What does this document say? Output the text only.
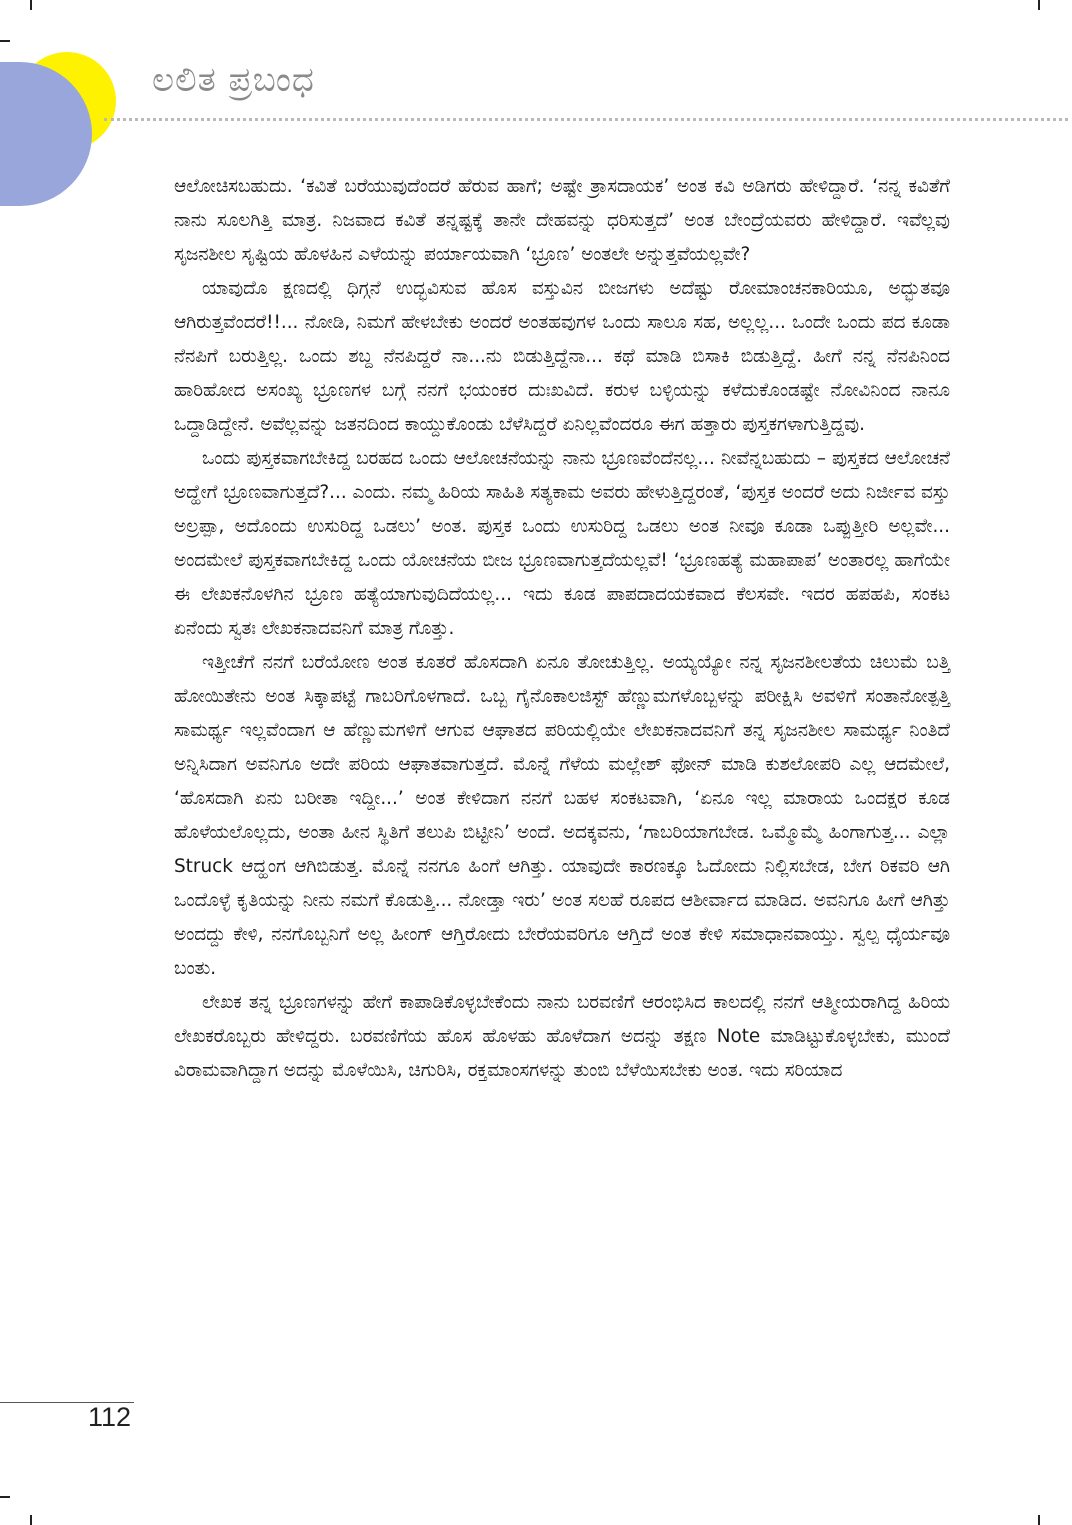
ಲಲಿತ ಪ್ರಬಂಧ

ಆಲೋಚಿಸಬಹುದು. ‘ಕವಿತೆ ಬರೆಯುವುದೆಂದರೆ ಹೆರುವ ಹಾಗೆ; ಅಷ್ಟೇ ತ್ರಾಸದಾಯಕ’ ಅಂತ ಕವಿ ಅಡಿಗರು ಹೇಳಿದ್ದಾರೆ. ‘ನನ್ನ ಕವಿತೆಗೆ ನಾನು ಸೂಲಗಿತ್ತಿ ಮಾತ್ರ. ನಿಜವಾದ ಕವಿತೆ ತನ್ನಷ್ಟಕ್ಕೆ ತಾನೇ ದೇಹವನ್ನು ಧರಿಸುತ್ತದೆ’ ಅಂತ ಬೇಂದ್ರೆಯವರು ಹೇಳಿದ್ದಾರೆ. ಇವೆಲ್ಲವು ಸೃಜನಶೀಲ ಸೃಷ್ಟಿಯ ಹೊಳಹಿನ ಎಳೆಯನ್ನು ಪರ್ಯಾಯವಾಗಿ ‘ಭ್ರೂಣ’ ಅಂತಲೇ ಅನ್ನುತ್ತವೆಯಲ್ಲವೇ?

ಯಾವುದೊ ಕ್ಷಣದಲ್ಲಿ ಧಿಗ್ಗನೆ ಉದ್ಭವಿಸುವ ಹೊಸ ವಸ್ತುವಿನ ಬೀಜಗಳು ಅದೆಷ್ಟು ರೋಮಾಂಚನಕಾರಿಯೂ, ಅದ್ಭುತವೂ ಆಗಿರುತ್ತವೆಂದರೆ!!... ನೋಡಿ, ನಿಮಗೆ ಹೇಳಬೇಕು ಅಂದರೆ ಅಂತಹವುಗಳ ಒಂದು ಸಾಲೂ ಸಹ, ಅಲ್ಲಲ್ಲ... ಒಂದೇ ಒಂದು ಪದ ಕೂಡಾ ನೆನಪಿಗೆ ಬರುತ್ತಿಲ್ಲ. ಒಂದು ಶಬ್ದ ನೆನಪಿದ್ದರೆ ನಾ...ನು ಬಿಡುತ್ತಿದ್ದೆನಾ... ಕಥೆ ಮಾಡಿ ಬಿಸಾಕಿ ಬಿಡುತ್ತಿದ್ದೆ. ಹೀಗೆ ನನ್ನ ನೆನಪಿನಿಂದ ಹಾರಿಹೋದ ಅಸಂಖ್ಯ ಭ್ರೂಣಗಳ ಬಗ್ಗೆ ನನಗೆ ಭಯಂಕರ ದುಃಖವಿದೆ. ಕರುಳ ಬಳ್ಳಿಯನ್ನು ಕಳೆದುಕೊಂಡಷ್ಟೇ ನೋವಿನಿಂದ ನಾನೂ ಒದ್ದಾಡಿದ್ದೇನೆ. ಅವೆಲ್ಲವನ್ನು ಜತನದಿಂದ ಕಾಯ್ದುಕೊಂಡು ಬೆಳೆಸಿದ್ದರೆ ಏನಿಲ್ಲವೆಂದರೂ ಈಗ ಹತ್ತಾರು ಪುಸ್ತಕಗಳಾಗುತ್ತಿದ್ದವು.

ಒಂದು ಪುಸ್ತಕವಾಗಬೇಕಿದ್ದ ಬರಹದ ಒಂದು ಆಲೋಚನೆಯನ್ನು ನಾನು ಭ್ರೂಣವೆಂದೆನಲ್ಲ... ನೀವೆನ್ನಬಹುದು – ಪುಸ್ತಕದ ಆಲೋಚನೆ ಅದ್ಹೇಗೆ ಭ್ರೂಣವಾಗುತ್ತದೆ?... ಎಂದು. ನಮ್ಮ ಹಿರಿಯ ಸಾಹಿತಿ ಸತ್ಯಕಾಮ ಅವರು ಹೇಳುತ್ತಿದ್ದರಂತೆ, ‘ಪುಸ್ತಕ ಅಂದರೆ ಅದು ನಿರ್ಜೀವ ವಸ್ತು ಅಲ್ರಪ್ಪಾ, ಅದೊಂದು ಉಸುರಿದ್ದ ಒಡಲು’ ಅಂತ. ಪುಸ್ತಕ ಒಂದು ಉಸುರಿದ್ದ ಒಡಲು ಅಂತ ನೀವೂ ಕೂಡಾ ಒಪ್ಪುತ್ತೀರಿ ಅಲ್ಲವೇ... ಅಂದಮೇಲೆ ಪುಸ್ತಕವಾಗಬೇಕಿದ್ದ ಒಂದು ಯೋಚನೆಯ ಬೀಜ ಭ್ರೂಣವಾಗುತ್ತದೆಯಲ್ಲವೆ! ‘ಭ್ರೂಣಹತ್ಯೆ ಮಹಾಪಾಪ’ ಅಂತಾರಲ್ಲ ಹಾಗೆಯೇ ಈ ಲೇಖಕನೊಳಗಿನ ಭ್ರೂಣ ಹತ್ಯೆಯಾಗುವುದಿದೆಯಲ್ಲ... ಇದು ಕೂಡ ಪಾಪದಾದಯಕವಾದ ಕೆಲಸವೇ. ಇದರ ಹಪಹಪಿ, ಸಂಕಟ ಏನೆಂದು ಸ್ವತಃ ಲೇಖಕನಾದವನಿಗೆ ಮಾತ್ರ ಗೊತ್ತು.

ಇತ್ತೀಚೆಗೆ ನನಗೆ ಬರೆಯೋಣ ಅಂತ ಕೂತರೆ ಹೊಸದಾಗಿ ಏನೂ ತೋಚುತ್ತಿಲ್ಲ. ಅಯ್ಯಯ್ಯೋ ನನ್ನ ಸೃಜನಶೀಲತೆಯ ಚಿಲುಮೆ ಬತ್ತಿ ಹೋಯಿತೇನು ಅಂತ ಸಿಕ್ಕಾಪಟ್ಟೆ ಗಾಬರಿಗೊಳಗಾದೆ. ಒಬ್ಬ ಗೈನೊಕಾಲಜಿಸ್ಟ್ ಹೆಣ್ಣುಮಗಳೊಬ್ಬಳನ್ನು ಪರೀಕ್ಷಿಸಿ ಅವಳಿಗೆ ಸಂತಾನೋತ್ಪತ್ತಿ ಸಾಮರ್ಥ್ಯ ಇಲ್ಲವೆಂದಾಗ ಆ ಹೆಣ್ಣುಮಗಳಿಗೆ ಆಗುವ ಆಘಾತದ ಪರಿಯಲ್ಲಿಯೇ ಲೇಖಕನಾದವನಿಗೆ ತನ್ನ ಸೃಜನಶೀಲ ಸಾಮರ್ಥ್ಯ ನಿಂತಿದೆ ಅನ್ನಿಸಿದಾಗ ಅವನಿಗೂ ಅದೇ ಪರಿಯ ಆಘಾತವಾಗುತ್ತದೆ. ಮೊನ್ನೆ ಗೆಳೆಯ ಮಲ್ಲೇಶ್ ಫೋನ್ ಮಾಡಿ ಕುಶಲೋಪರಿ ಎಲ್ಲ ಆದಮೇಲೆ, ‘ಹೊಸದಾಗಿ ಏನು ಬರೀತಾ ಇದ್ದೀ...’ ಅಂತ ಕೇಳಿದಾಗ ನನಗೆ ಬಹಳ ಸಂಕಟವಾಗಿ, ‘ಏನೂ ಇಲ್ಲ ಮಾರಾಯ ಒಂದಕ್ಷರ ಕೂಡ ಹೊಳೆಯಲೊಲ್ಲದು, ಅಂತಾ ಹೀನ ಸ್ಥಿತಿಗೆ ತಲುಪಿ ಬಿಟ್ಟೀನಿ’ ಅಂದೆ. ಅದಕ್ಕವನು, ‘ಗಾಬರಿಯಾಗಬೇಡ. ಒಮ್ಮೊಮ್ಮೆ ಹಿಂಗಾಗುತ್ತ... ಎಲ್ಲಾ Struck ಆದ್ಹಂಗ ಆಗಿಬಿಡುತ್ತ. ಮೊನ್ನೆ ನನಗೂ ಹಿಂಗೆ ಆಗಿತ್ತು. ಯಾವುದೇ ಕಾರಣಕ್ಕೂ ಓದೋದು ನಿಲ್ಲಿಸಬೇಡ, ಬೇಗ ರಿಕವರಿ ಆಗಿ ಒಂದೊಳ್ಳೆ ಕೃತಿಯನ್ನು ನೀನು ನಮಗೆ ಕೊಡುತ್ತಿ... ನೋಡ್ತಾ ಇರು’ ಅಂತ ಸಲಹೆ ರೂಪದ ಆಶೀರ್ವಾದ ಮಾಡಿದ. ಅವನಿಗೂ ಹೀಗೆ ಆಗಿತ್ತು ಅಂದದ್ದು ಕೇಳಿ, ನನಗೊಬ್ಬನಿಗೆ ಅಲ್ಲ ಹೀಂಗ್ ಆಗ್ತಿರೋದು ಬೇರೆಯವರಿಗೂ ಆಗ್ತಿದೆ ಅಂತ ಕೇಳಿ ಸಮಾಧಾನವಾಯ್ತು. ಸ್ವಲ್ಪ ಧೈರ್ಯವೂ ಬಂತು.

ಲೇಖಕ ತನ್ನ ಭ್ರೂಣಗಳನ್ನು ಹೇಗೆ ಕಾಪಾಡಿಕೊಳ್ಳಬೇಕೆಂದು ನಾನು ಬರವಣಿಗೆ ಆರಂಭಿಸಿದ ಕಾಲದಲ್ಲಿ ನನಗೆ ಆತ್ಮೀಯರಾಗಿದ್ದ ಹಿರಿಯ ಲೇಖಕರೊಬ್ಬರು ಹೇಳಿದ್ದರು. ಬರವಣಿಗೆಯ ಹೊಸ ಹೊಳಹು ಹೊಳೆದಾಗ ಅದನ್ನು ತಕ್ಷಣ Note ಮಾಡಿಟ್ಟುಕೊಳ್ಳಬೇಕು, ಮುಂದೆ ವಿರಾಮವಾಗಿದ್ದಾಗ ಅದನ್ನು ಮೊಳೆಯಿಸಿ, ಚಿಗುರಿಸಿ, ರಕ್ತಮಾಂಸಗಳನ್ನು ತುಂಬಿ ಬೆಳೆಯಿಸಬೇಕು ಅಂತ. ಇದು ಸರಿಯಾದ

112
